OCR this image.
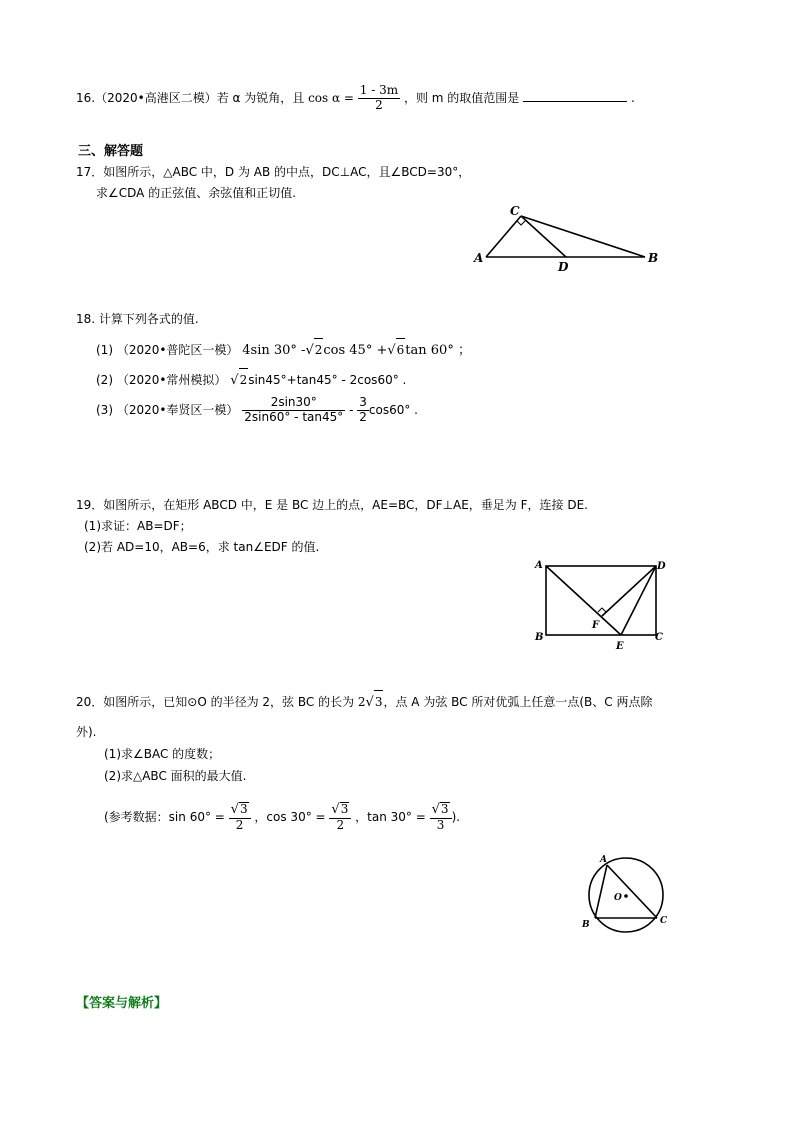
16.（2020•高港区二模）若 α 为锐角，且 $\cos \alpha = \frac{1 - 3m}{2}$ ，则 m 的取值范围是	.
三、解答题
17．如图所示，△ABC 中，D 为 AB 的中点，DC⊥AC，且∠BCD=30°，
求∠CDA 的正弦值、余弦值和正切值.
A
C
D
B
18. 计算下列各式的值.
(1) （2020•普陀区一模） 4sin 30° -√2cos 45° +√6tan 60° ；
(2) （2020•常州模拟） √2sin45°+tan45° - 2cos60° .
(3) （2020•奉贤区一模） $\frac{2\sin 30^\circ}{2\sin 60^\circ - \tan 45^\circ} - \frac{3}{2} \cos 60^\circ$ .
19．如图所示，在矩形 ABCD 中，E 是 BC 边上的点，AE=BC，DF⊥AE，垂足为 F，连接 DE.
(1)求证：AB=DF；
(2)若 AD=10，AB=6，求 tan∠EDF 的值.
A	D
B	C
F
E
20．如图所示，已知⊙O 的半径为 2，弦 BC 的长为 2√3，点 A 为弦 BC 所对优弧上任意一点(B、C 两点除
外).
(1)求∠BAC 的度数；
(2)求△ABC 面积的最大值.
(参考数据：$\sin 60^\circ = \frac{√3}{2}$ ，$\cos 30^\circ = \frac{√3}{2}$ ，$\tan 30^\circ = \frac{√3}{3}$ ).
A
O
B	C
【答案与解析】
